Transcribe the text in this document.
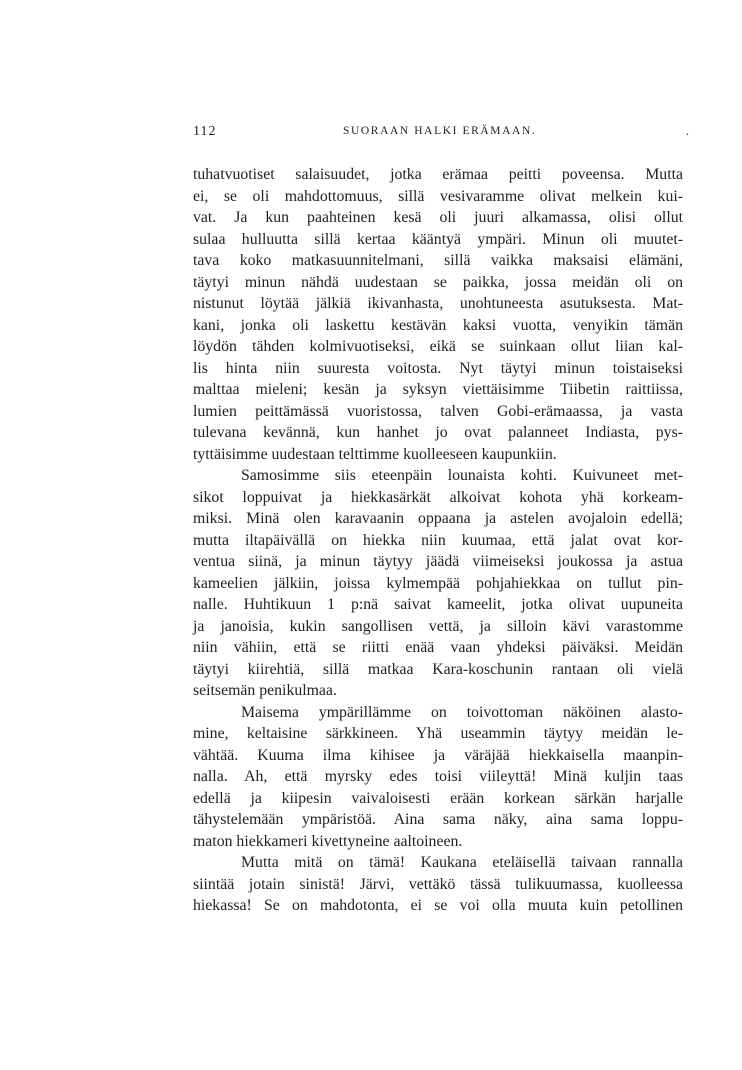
112	SUORAAN HALKI ERÄMAAN.	.
tuhatvuotiset salaisuudet, jotka erämaa peitti poveensa. Mutta
ei, se oli mahdottomuus, sillä vesivaramme olivat melkein kui-
vat. Ja kun paahteinen kesä oli juuri alkamassa, olisi ollut
sulaa hulluutta sillä kertaa kääntyä ympäri. Minun oli muutet-
tava koko matkasuunnitelmani, sillä vaikka maksaisi elämäni,
täytyi minun nähdä uudestaan se paikka, jossa meidän oli on
nistunut löytää jälkiä ikivanhasta, unohtuneesta asutuksesta. Mat-
kani, jonka oli laskettu kestävän kaksi vuotta, venyikin tämän
löydön tähden kolmivuotiseksi, eikä se suinkaan ollut liian kal-
lis hinta niin suuresta voitosta. Nyt täytyi minun toistaiseksi
malttaa mieleni; kesän ja syksyn viettäisimme Tiibetin raittiissa,
lumien peittämässä vuoristossa, talven Gobi-erämaassa, ja vasta
tulevana kevännä, kun hanhet jo ovat palanneet Indiasta, pys-
tyttäisimme uudestaan telttimme kuolleeseen kaupunkiin.
Samosimme siis eteenpäin lounaista kohti. Kuivuneet met-
sikot loppuivat ja hiekkasärkät alkoivat kohota yhä korkeam-
miksi. Minä olen karavaanin oppaana ja astelen avojaloin edellä;
mutta iltapäivällä on hiekka niin kuumaa, että jalat ovat kor-
ventua siinä, ja minun täytyy jäädä viimeiseksi joukossa ja astua
kameelien jälkiin, joissa kylmempää pohjahiekkaa on tullut pin-
nalle. Huhtikuun 1 p:nä saivat kameelit, jotka olivat uupuneita
ja janoisia, kukin sangollisen vettä, ja silloin kävi varastomme
niin vähiin, että se riitti enää vaan yhdeksi päiväksi. Meidän
täytyi kiirehtiä, sillä matkaa Kara-koschunin rantaan oli vielä
seitsemän penikulmaa.
Maisema ympärillämme on toivottoman näköinen alasto-
mine, keltaisine särkkineen. Yhä useammin täytyy meidän le-
vähtää. Kuuma ilma kihisee ja väräjää hiekkaisella maanpin-
nalla. Ah, että myrsky edes toisi viileyttä! Minä kuljin taas
edellä ja kiipesin vaivaloisesti erään korkean särkän harjalle
tähystelemään ympäristöä. Aina sama näky, aina sama loppu-
maton hiekkameri kivettyneine aaltoineen.
Mutta mitä on tämä! Kaukana eteläisellä taivaan rannalla
siintää jotain sinistä! Järvi, vettäkö tässä tulikuumassa, kuolleessa
hiekassa! Se on mahdotonta, ei se voi olla muuta kuin petollinen
